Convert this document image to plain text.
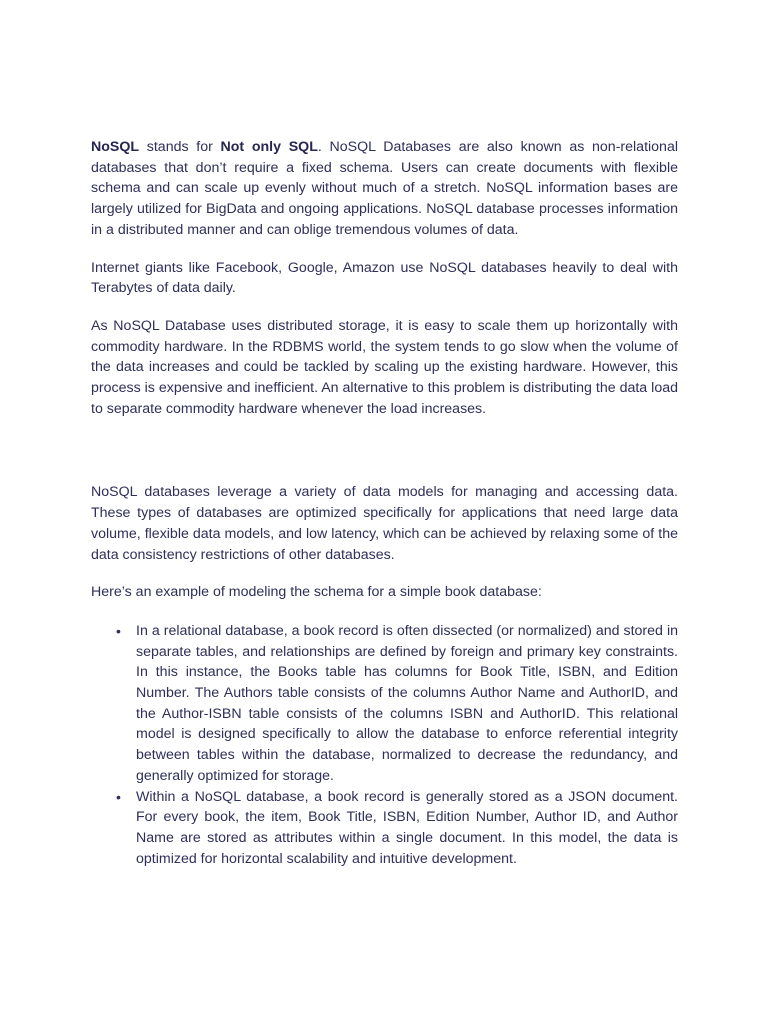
NoSQL stands for Not only SQL. NoSQL Databases are also known as non-relational databases that don’t require a fixed schema. Users can create documents with flexible schema and can scale up evenly without much of a stretch. NoSQL information bases are largely utilized for BigData and ongoing applications. NoSQL database processes information in a distributed manner and can oblige tremendous volumes of data.

Internet giants like Facebook, Google, Amazon use NoSQL databases heavily to deal with Terabytes of data daily.

As NoSQL Database uses distributed storage, it is easy to scale them up horizontally with commodity hardware. In the RDBMS world, the system tends to go slow when the volume of the data increases and could be tackled by scaling up the existing hardware. However, this process is expensive and inefficient. An alternative to this problem is distributing the data load to separate commodity hardware whenever the load increases.

NoSQL databases leverage a variety of data models for managing and accessing data. These types of databases are optimized specifically for applications that need large data volume, flexible data models, and low latency, which can be achieved by relaxing some of the data consistency restrictions of other databases.

Here’s an example of modeling the schema for a simple book database:

• In a relational database, a book record is often dissected (or normalized) and stored in separate tables, and relationships are defined by foreign and primary key constraints. In this instance, the Books table has columns for Book Title, ISBN, and Edition Number. The Authors table consists of the columns Author Name and AuthorID, and the Author-ISBN table consists of the columns ISBN and AuthorID. This relational model is designed specifically to allow the database to enforce referential integrity between tables within the database, normalized to decrease the redundancy, and generally optimized for storage.
• Within a NoSQL database, a book record is generally stored as a JSON document. For every book, the item, Book Title, ISBN, Edition Number, Author ID, and Author Name are stored as attributes within a single document. In this model, the data is optimized for horizontal scalability and intuitive development.
